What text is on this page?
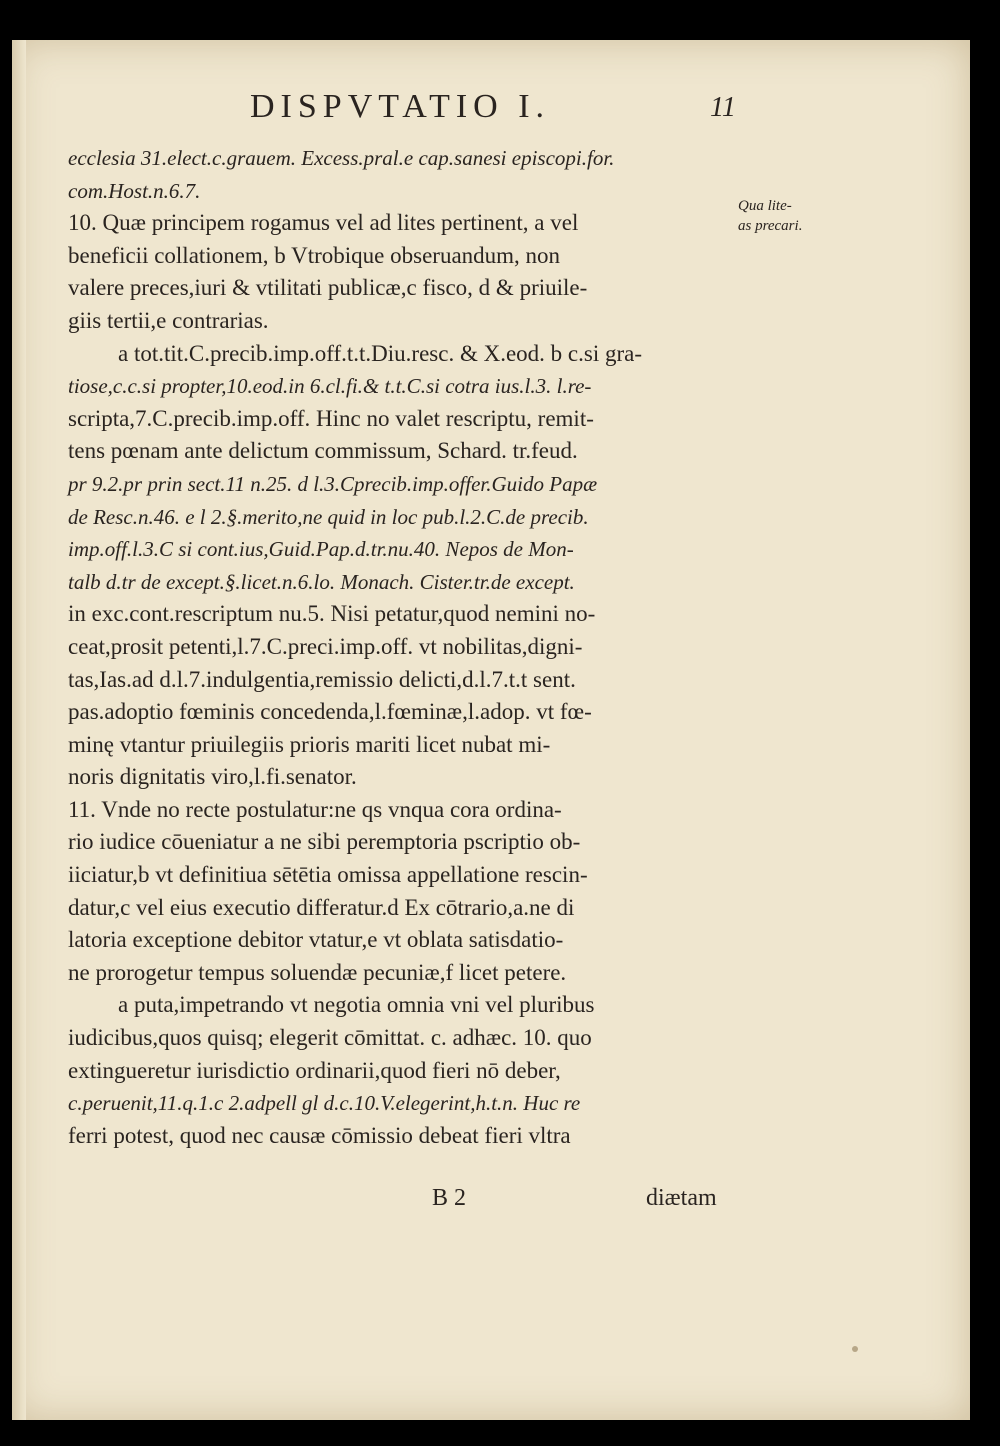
DISPVTATIO I.	11
Qua lite-
as precari.
ecclesia 31.elect.c.grauem. Excess.pral.e cap.sanesi episcopi.for.
com.Host.n.6.7.
10. Quæ principem rogamus vel ad lites pertinent, a vel
beneficii collationem, b Vtrobique obseruandum, non
valere preces,iuri & vtilitati publicæ,c fisco, d & priuile-
giis tertii,e contrarias.
a tot.tit.C.precib.imp.off.t.t.Diu.resc. & X.eod. b c.si gra-
tiose,c.c.si propter,10.eod.in 6.cl.fi.& t.t.C.si cotra ius.l.3. l.re-
scripta,7.C.precib.imp.off. Hinc no valet rescriptu, remit-
tens pœnam ante delictum commissum, Schard. tr.feud.
pr 9.2.pr prin sect.11 n.25. d l.3.Cprecib.imp.offer.Guido Papæ
de Resc.n.46. e l 2.§.merito,ne quid in loc pub.l.2.C.de precib.
imp.off.l.3.C si cont.ius,Guid.Pap.d.tr.nu.40. Nepos de Mon-
talb d.tr de except.§.licet.n.6.lo. Monach. Cister.tr.de except.
in exc.cont.rescriptum nu.5. Nisi petatur,quod nemini no-
ceat,prosit petenti,l.7.C.preci.imp.off. vt nobilitas,digni-
tas,Ias.ad d.l.7.indulgentia,remissio delicti,d.l.7.t.t sent.
pas.adoptio fœminis concedenda,l.fœminæ,l.adop. vt fœ-
minę vtantur priuilegiis prioris mariti licet nubat mi-
noris dignitatis viro,l.fi.senator.
11. Vnde no recte postulatur:ne qs vnqua cora ordina-
rio iudice cōueniatur a ne sibi peremptoria pscriptio ob-
iiciatur,b vt definitiua sētētia omissa appellatione rescin-
datur,c vel eius executio differatur.d Ex cōtrario,a.ne di
latoria exceptione debitor vtatur,e vt oblata satisdatio-
ne prorogetur tempus soluendæ pecuniæ,f licet petere.
a puta,impetrando vt negotia omnia vni vel pluribus
iudicibus,quos quisq; elegerit cōmittat. c. adhæc. 10. quo
extingueretur iurisdictio ordinarii,quod fieri nō deber,
c.peruenit,11.q.1.c 2.adpell gl d.c.10.V.elegerint,h.t.n. Huc re
ferri potest, quod nec causæ cōmissio debeat fieri vltra
B 2	diætam
